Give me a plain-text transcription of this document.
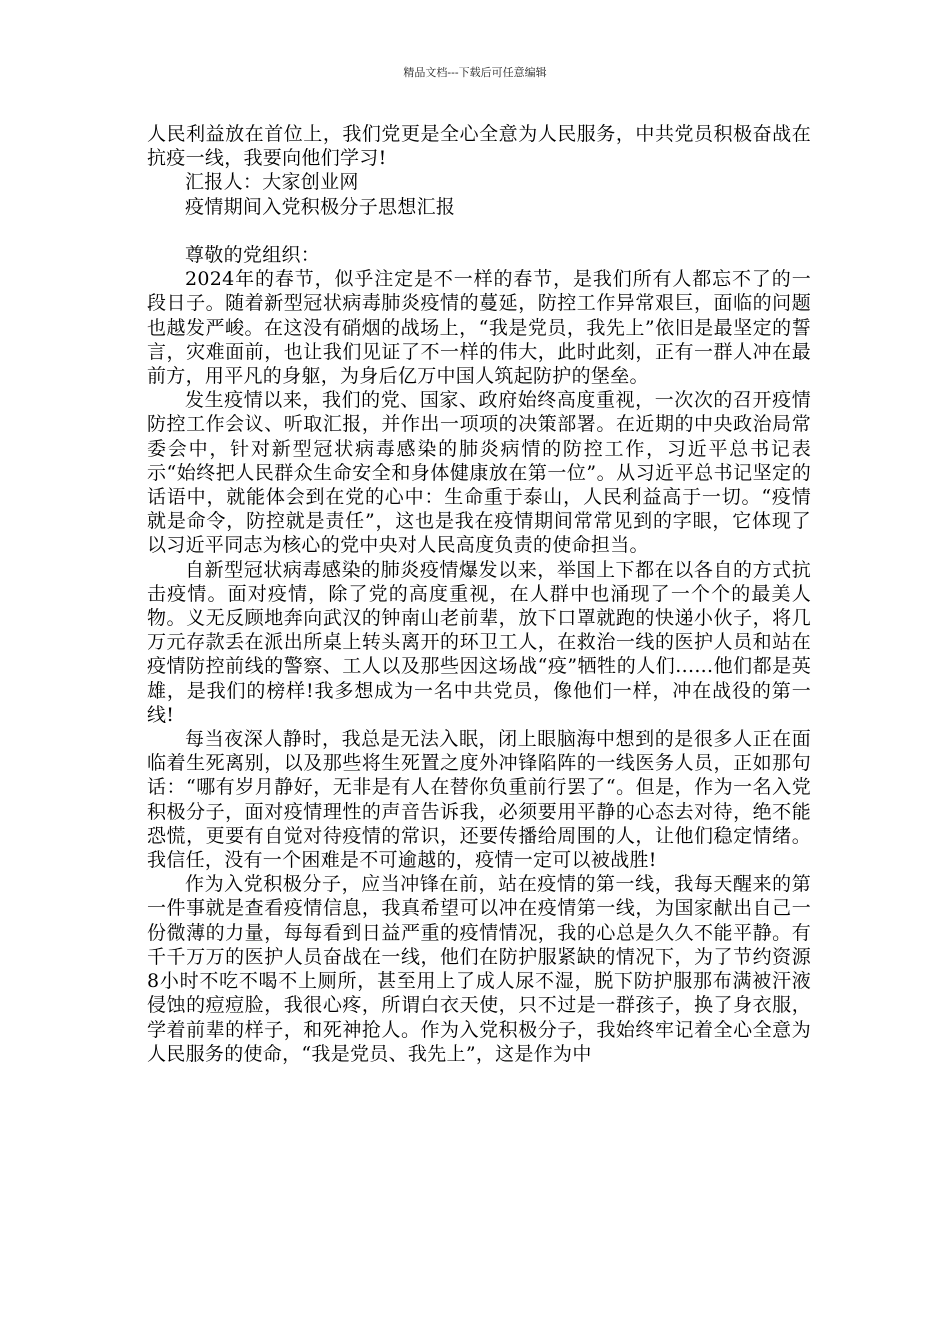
精品文档---下载后可任意编辑

人民利益放在首位上，我们党更是全心全意为人民服务，中共党员积极奋战在抗疫一线，我要向他们学习!

汇报人：大家创业网

疫情期间入党积极分子思想汇报

尊敬的党组织：

2024年的春节，似乎注定是不一样的春节，是我们所有人都忘不了的一段日子。随着新型冠状病毒肺炎疫情的蔓延，防控工作异常艰巨，面临的问题也越发严峻。在这没有硝烟的战场上，“我是党员，我先上”依旧是最坚定的誓言，灾难面前，也让我们见证了不一样的伟大，此时此刻，正有一群人冲在最前方，用平凡的身躯，为身后亿万中国人筑起防护的堡垒。

发生疫情以来，我们的党、国家、政府始终高度重视，一次次的召开疫情防控工作会议、听取汇报，并作出一项项的决策部署。在近期的中央政治局常委会中，针对新型冠状病毒感染的肺炎病情的防控工作，习近平总书记表示“始终把人民群众生命安全和身体健康放在第一位”。从习近平总书记坚定的话语中，就能体会到在党的心中：生命重于泰山，人民利益高于一切。“疫情就是命令，防控就是责任”，这也是我在疫情期间常常见到的字眼，它体现了以习近平同志为核心的党中央对人民高度负责的使命担当。

自新型冠状病毒感染的肺炎疫情爆发以来，举国上下都在以各自的方式抗击疫情。面对疫情，除了党的高度重视，在人群中也涌现了一个个的最美人物。义无反顾地奔向武汉的钟南山老前辈，放下口罩就跑的快递小伙子，将几万元存款丢在派出所桌上转头离开的环卫工人，在救治一线的医护人员和站在疫情防控前线的警察、工人以及那些因这场战“疫”牺牲的人们......他们都是英雄，是我们的榜样!我多想成为一名中共党员，像他们一样，冲在战役的第一线!

每当夜深人静时，我总是无法入眠，闭上眼脑海中想到的是很多人正在面临着生死离别，以及那些将生死置之度外冲锋陷阵的一线医务人员，正如那句话：“哪有岁月静好，无非是有人在替你负重前行罢了“。但是，作为一名入党积极分子，面对疫情理性的声音告诉我，必须要用平静的心态去对待，绝不能恐慌，更要有自觉对待疫情的常识，还要传播给周围的人，让他们稳定情绪。我信任，没有一个困难是不可逾越的，疫情一定可以被战胜!

作为入党积极分子，应当冲锋在前，站在疫情的第一线，我每天醒来的第一件事就是查看疫情信息，我真希望可以冲在疫情第一线，为国家献出自己一份微薄的力量，每每看到日益严重的疫情情况，我的心总是久久不能平静。有千千万万的医护人员奋战在一线，他们在防护服紧缺的情况下，为了节约资源8小时不吃不喝不上厕所，甚至用上了成人尿不湿，脱下防护服那布满被汗液侵蚀的痘痘脸，我很心疼，所谓白衣天使，只不过是一群孩子，换了身衣服，学着前辈的样子，和死神抢人。作为入党积极分子，我始终牢记着全心全意为人民服务的使命，“我是党员、我先上”，这是作为中
